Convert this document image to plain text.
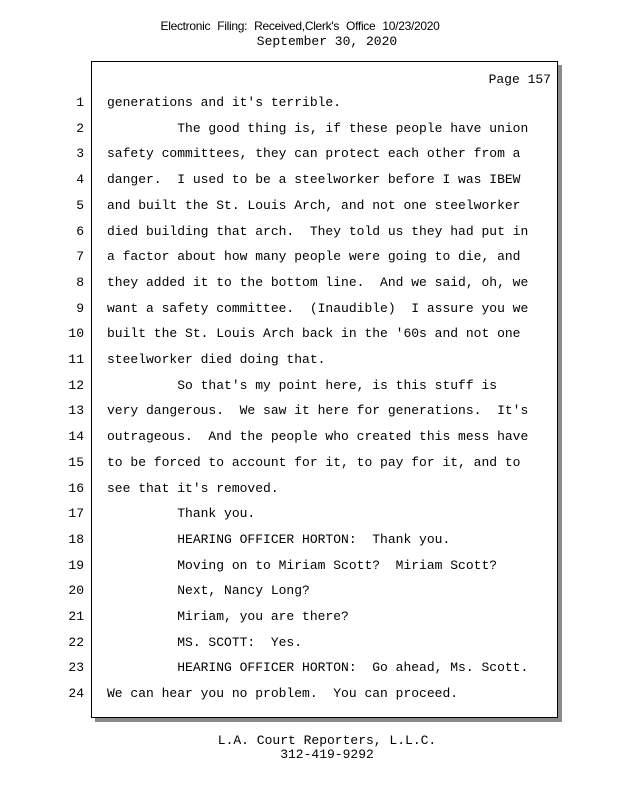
Electronic Filing: Received,Clerk's Office 10/23/2020
September 30, 2020
Page 157
1 generations and it's terrible.
2 The good thing is, if these people have union
3 safety committees, they can protect each other from a
4 danger.  I used to be a steelworker before I was IBEW
5 and built the St. Louis Arch, and not one steelworker
6 died building that arch.  They told us they had put in
7 a factor about how many people were going to die, and
8 they added it to the bottom line.  And we said, oh, we
9 want a safety committee.  (Inaudible)  I assure you we
10 built the St. Louis Arch back in the '60s and not one
11 steelworker died doing that.
12 So that's my point here, is this stuff is
13 very dangerous.  We saw it here for generations.  It's
14 outrageous.  And the people who created this mess have
15 to be forced to account for it, to pay for it, and to
16 see that it's removed.
17 Thank you.
18 HEARING OFFICER HORTON:  Thank you.
19 Moving on to Miriam Scott?  Miriam Scott?
20 Next, Nancy Long?
21 Miriam, you are there?
22 MS. SCOTT:  Yes.
23 HEARING OFFICER HORTON:  Go ahead, Ms. Scott.
24 We can hear you no problem.  You can proceed.
L.A. Court Reporters, L.L.C.
312-419-9292
